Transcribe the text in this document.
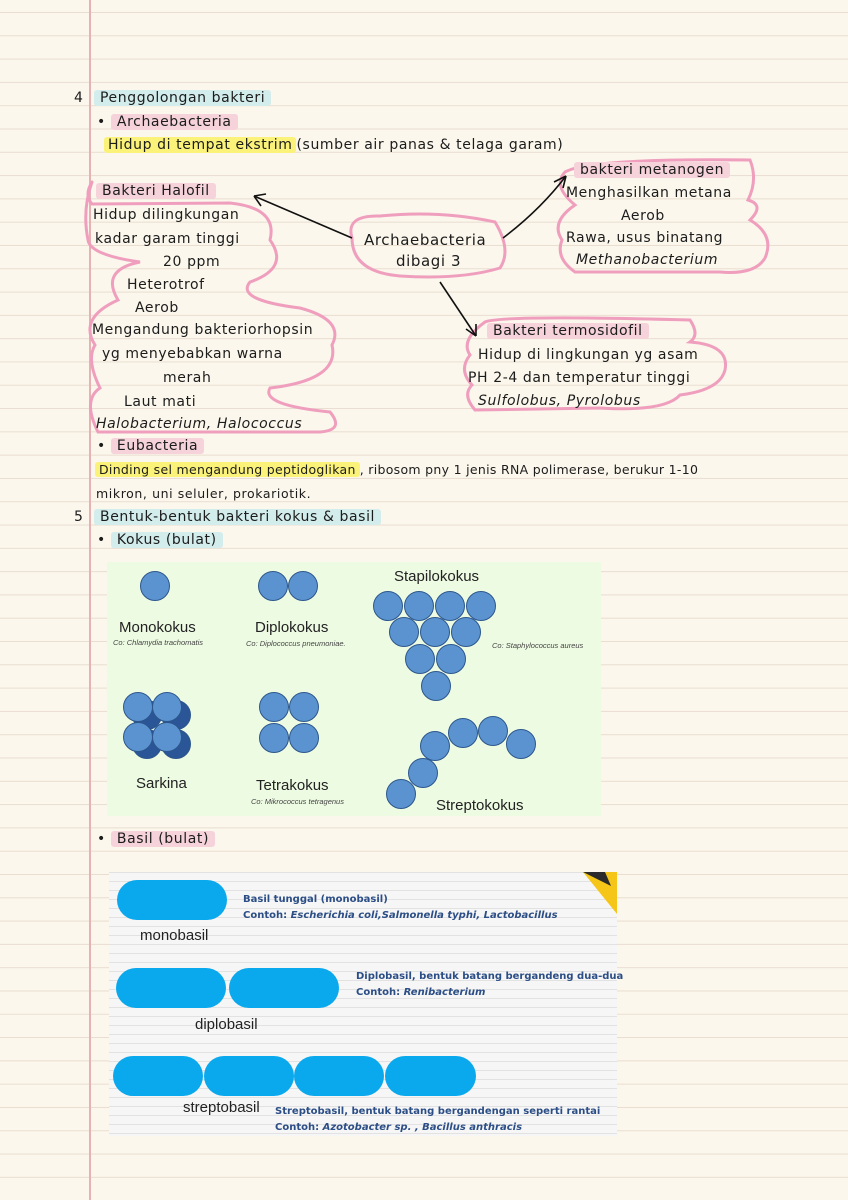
4	Penggolongan bakteri
• Archaebacteria
Hidup di tempat ekstrim (sumber air panas & telaga garam)
Bakteri Halofil
Hidup dilingkungan
kadar garam tinggi
20 ppm
Heterotrof
Aerob
Mengandung bakteriorhopsin
yg menyebabkan warna
merah
Laut mati
Halobacterium, Halococcus
Archaebacteria
dibagi 3
bakteri metanogen
Menghasilkan metana
Aerob
Rawa, usus binatang
Methanobacterium
Bakteri termosidofil
Hidup di lingkungan yg asam
PH 2-4 dan temperatur tinggi
Sulfolobus, Pyrolobus
• Eubacteria
Dinding sel mengandung peptidoglikan , ribosom pny 1 jenis RNA polimerase, berukur 1-10
mikron, uni seluler, prokariotik.
5	Bentuk-bentuk bakteri kokus & basil
• Kokus (bulat)
Monokokus
Co: Chlamydia trachomatis
Diplokokus
Co: Diplococcus pneumoniae.
Stapilokokus
Co: Staphylococcus aureus
Sarkina	Tetrakokus
Co: Mikrococcus tetragenus	Streptokokus
• Basil (bulat)
monobasil
Basil tunggal (monobasil)
Contoh: Escherichia coli,Salmonella typhi, Lactobacillus
diplobasil
Diplobasil, bentuk batang bergandeng dua-dua
Contoh: Renibacterium
streptobasil Streptobasil, bentuk batang bergandengan seperti rantai
Contoh: Azotobacter sp. , Bacillus anthracis
